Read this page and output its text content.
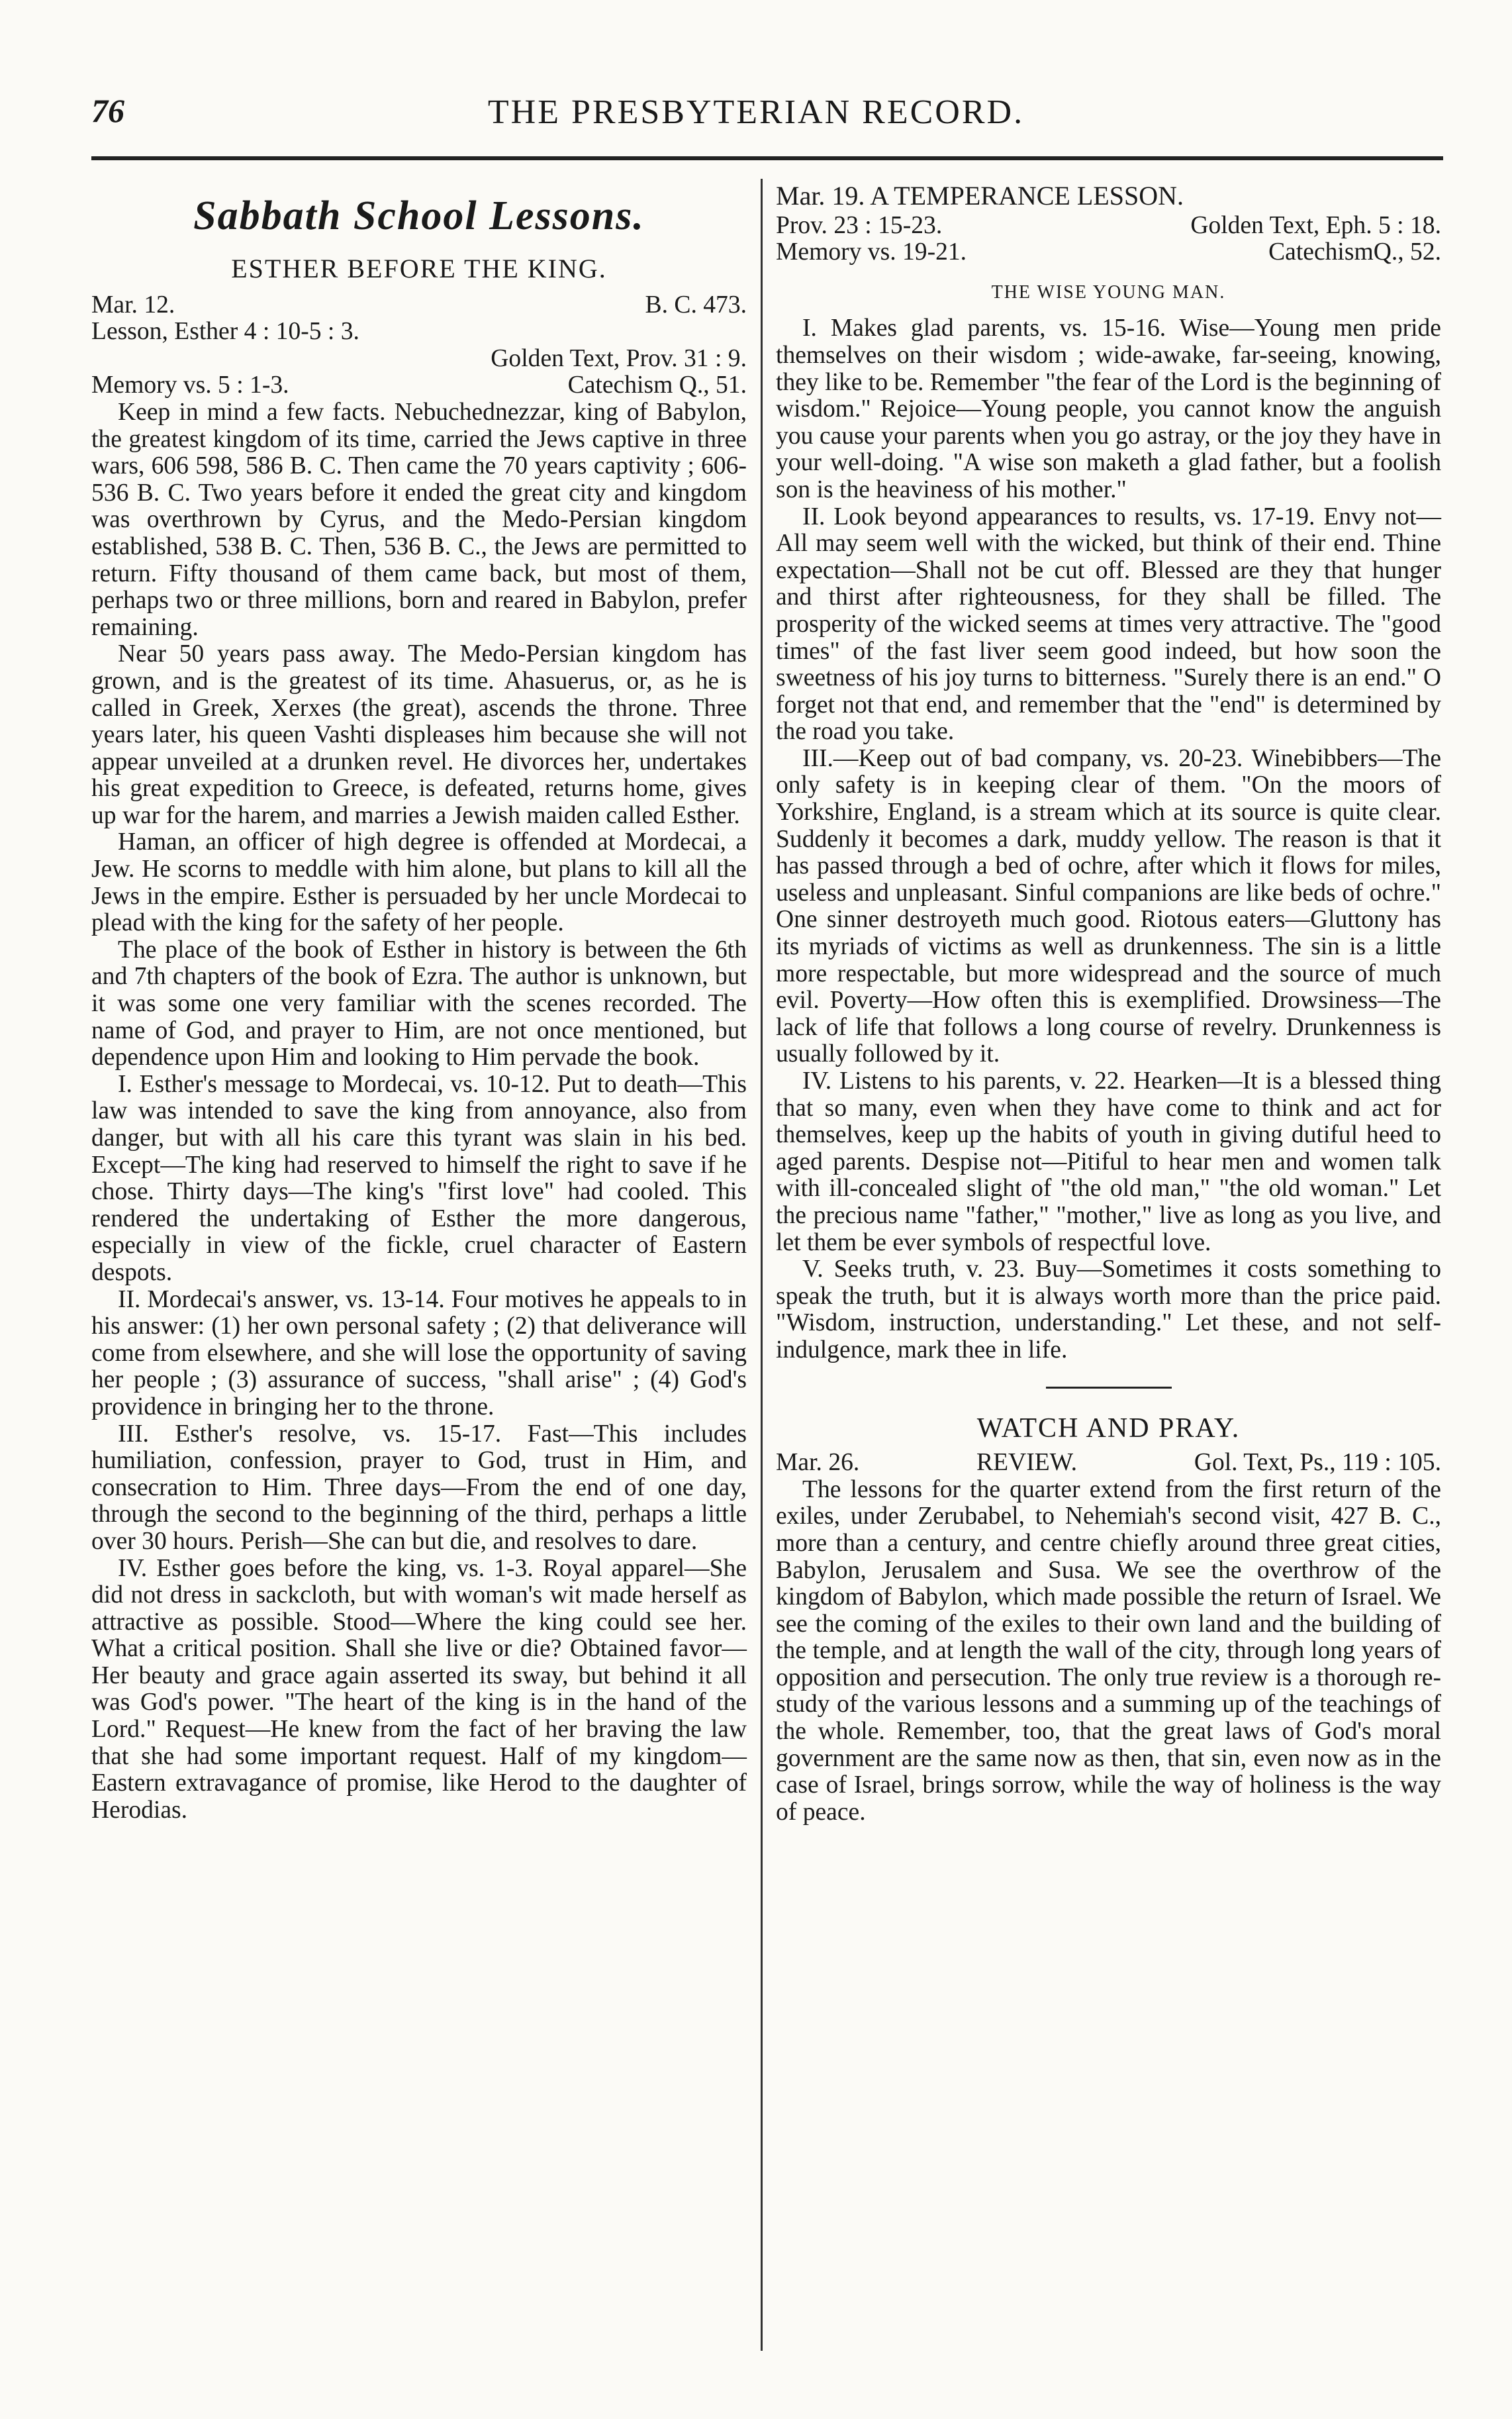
76	THE PRESBYTERIAN RECORD.
Sabbath School Lessons.
ESTHER BEFORE THE KING.
Mar. 12.	B. C. 473.

Lesson, Esther 4 : 10-5 : 3.

Golden Text, Prov. 31 : 9.

Memory vs. 5 : 1-3.	Catechism Q., 51.

Keep in mind a few facts. Nebuchednezzar, king of Babylon, the greatest kingdom of its time, carried the Jews captive in three wars, 606 598, 586 B. C. Then came the 70 years captivity ; 606-536 B. C. Two years before it ended the great city and kingdom was overthrown by Cyrus, and the Medo-Persian kingdom established, 538 B. C. Then, 536 B. C., the Jews are permitted to return. Fifty thousand of them came back, but most of them, perhaps two or three millions, born and reared in Babylon, prefer remaining.

Near 50 years pass away. The Medo-Persian kingdom has grown, and is the greatest of its time. Ahasuerus, or, as he is called in Greek, Xerxes (the great), ascends the throne. Three years later, his queen Vashti displeases him because she will not appear unveiled at a drunken revel. He divorces her, undertakes his great expedition to Greece, is defeated, returns home, gives up war for the harem, and marries a Jewish maiden called Esther.

Haman, an officer of high degree is offended at Mordecai, a Jew. He scorns to meddle with him alone, but plans to kill all the Jews in the empire. Esther is persuaded by her uncle Mordecai to plead with the king for the safety of her people.

The place of the book of Esther in history is between the 6th and 7th chapters of the book of Ezra. The author is unknown, but it was some one very familiar with the scenes recorded. The name of God, and prayer to Him, are not once mentioned, but dependence upon Him and looking to Him pervade the book.

I. Esther's message to Mordecai, vs. 10-12. Put to death—This law was intended to save the king from annoyance, also from danger, but with all his care this tyrant was slain in his bed. Except—The king had reserved to himself the right to save if he chose. Thirty days—The king's "first love" had cooled. This rendered the undertaking of Esther the more dangerous, especially in view of the fickle, cruel character of Eastern despots.

II. Mordecai's answer, vs. 13-14. Four motives he appeals to in his answer: (1) her own personal safety ; (2) that deliverance will come from elsewhere, and she will lose the opportunity of saving her people ; (3) assurance of success, "shall arise" ; (4) God's providence in bringing her to the throne.

III. Esther's resolve, vs. 15-17. Fast—This includes humiliation, confession, prayer to God, trust in Him, and consecration to Him. Three days—From the end of one day, through the second to the beginning of the third, perhaps a little over 30 hours. Perish—She can but die, and resolves to dare.

IV. Esther goes before the king, vs. 1-3. Royal apparel—She did not dress in sackcloth, but with woman's wit made herself as attractive as possible. Stood—Where the king could see her. What a critical position. Shall she live or die? Obtained favor—Her beauty and grace again asserted its sway, but behind it all was God's power. "The heart of the king is in the hand of the Lord." Request—He knew from the fact of her braving the law that she had some important request. Half of my kingdom—Eastern extravagance of promise, like Herod to the daughter of Herodias.

Mar. 19. A TEMPERANCE LESSON.

Prov. 23 : 15-23.	Golden Text, Eph. 5 : 18.
Memory vs. 19-21.	CatechismQ., 52.
THE WISE YOUNG MAN.

I. Makes glad parents, vs. 15-16. Wise—Young men pride themselves on their wisdom ; wide-awake, far-seeing, knowing, they like to be. Remember "the fear of the Lord is the beginning of wisdom." Rejoice—Young people, you cannot know the anguish you cause your parents when you go astray, or the joy they have in your well-doing. "A wise son maketh a glad father, but a foolish son is the heaviness of his mother."

II. Look beyond appearances to results, vs. 17-19. Envy not—All may seem well with the wicked, but think of their end. Thine expectation—Shall not be cut off. Blessed are they that hunger and thirst after righteousness, for they shall be filled. The prosperity of the wicked seems at times very attractive. The "good times" of the fast liver seem good indeed, but how soon the sweetness of his joy turns to bitterness. "Surely there is an end." O forget not that end, and remember that the "end" is determined by the road you take.

III.—Keep out of bad company, vs. 20-23. Winebibbers—The only safety is in keeping clear of them. "On the moors of Yorkshire, England, is a stream which at its source is quite clear. Suddenly it becomes a dark, muddy yellow. The reason is that it has passed through a bed of ochre, after which it flows for miles, useless and unpleasant. Sinful companions are like beds of ochre." One sinner destroyeth much good. Riotous eaters—Gluttony has its myriads of victims as well as drunkenness. The sin is a little more respectable, but more widespread and the source of much evil. Poverty—How often this is exemplified. Drowsiness—The lack of life that follows a long course of revelry. Drunkenness is usually followed by it.

IV. Listens to his parents, v. 22. Hearken—It is a blessed thing that so many, even when they have come to think and act for themselves, keep up the habits of youth in giving dutiful heed to aged parents. Despise not—Pitiful to hear men and women talk with ill-concealed slight of "the old man," "the old woman." Let the precious name "father," "mother," live as long as you live, and let them be ever symbols of respectful love.

V. Seeks truth, v. 23. Buy—Sometimes it costs something to speak the truth, but it is always worth more than the price paid. "Wisdom, instruction, understanding." Let these, and not self-indulgence, mark thee in life.

WATCH AND PRAY.
Mar. 26.	REVIEW.	Gol. Text, Ps., 119 : 105.

The lessons for the quarter extend from the first return of the exiles, under Zerubabel, to Nehemiah's second visit, 427 B. C., more than a century, and centre chiefly around three great cities, Babylon, Jerusalem and Susa. We see the overthrow of the kingdom of Babylon, which made possible the return of Israel. We see the coming of the exiles to their own land and the building of the temple, and at length the wall of the city, through long years of opposition and persecution. The only true review is a thorough re-study of the various lessons and a summing up of the teachings of the whole. Remember, too, that the great laws of God's moral government are the same now as then, that sin, even now as in the case of Israel, brings sorrow, while the way of holiness is the way of peace.
